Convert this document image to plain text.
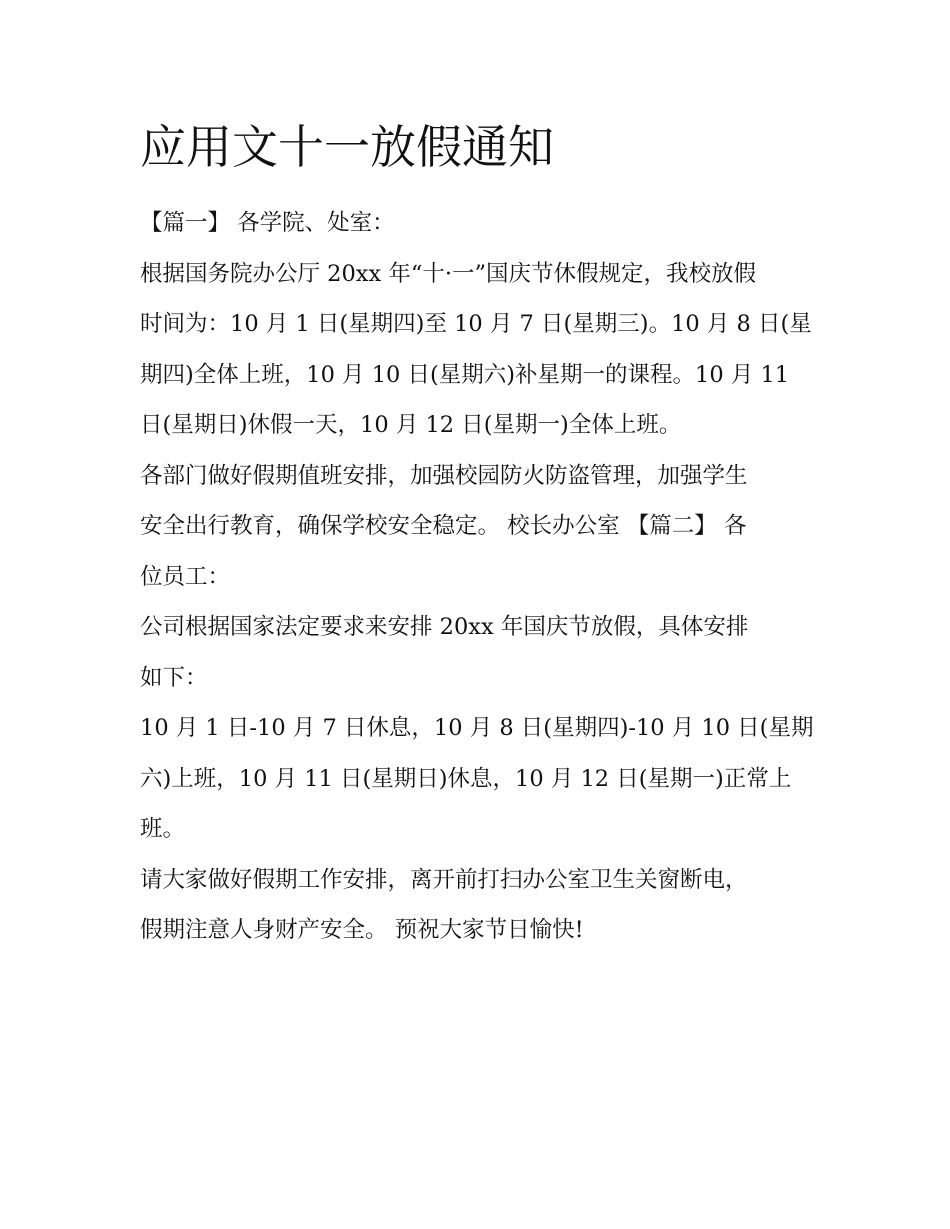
应用文十一放假通知
【篇一】 各学院、处室：
根据国务院办公厅 20xx 年“十·一”国庆节休假规定，我校放假
时间为：10 月 1 日(星期四)至 10 月 7 日(星期三)。10 月 8 日(星
期四)全体上班，10 月 10 日(星期六)补星期一的课程。10 月 11
日(星期日)休假一天，10 月 12 日(星期一)全体上班。
各部门做好假期值班安排，加强校园防火防盗管理，加强学生
安全出行教育，确保学校安全稳定。 校长办公室 【篇二】 各
位员工：
公司根据国家法定要求来安排 20xx 年国庆节放假，具体安排
如下：
10 月 1 日-10 月 7 日休息，10 月 8 日(星期四)-10 月 10 日(星期
六)上班，10 月 11 日(星期日)休息，10 月 12 日(星期一)正常上
班。
请大家做好假期工作安排，离开前打扫办公室卫生关窗断电，
假期注意人身财产安全。 预祝大家节日愉快!
